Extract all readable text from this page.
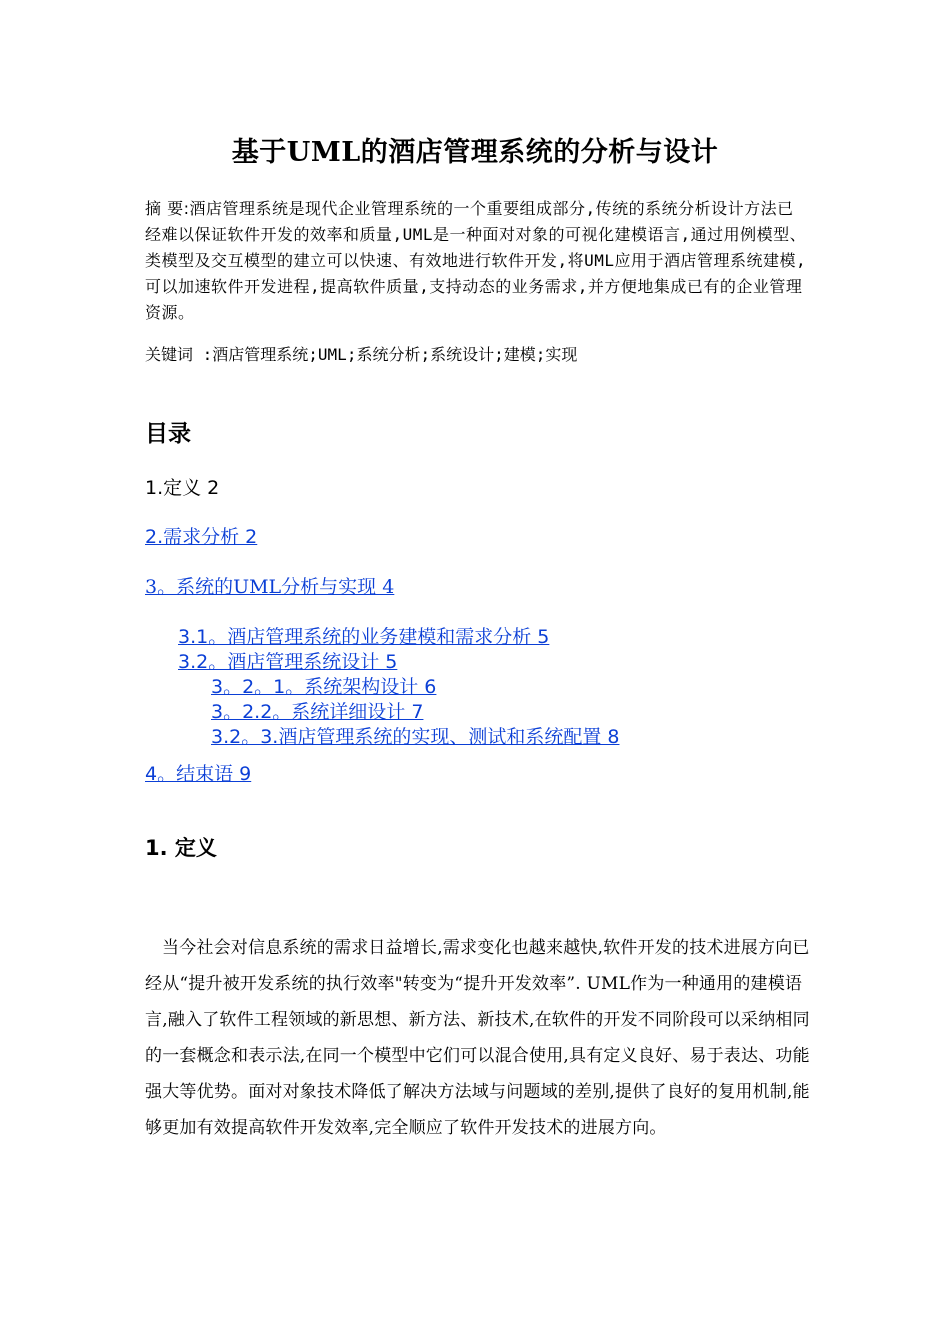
基于UML的酒店管理系统的分析与设计
摘 要:酒店管理系统是现代企业管理系统的一个重要组成部分,传统的系统分析设计方法已经难以保证软件开发的效率和质量,UML是一种面对对象的可视化建模语言,通过用例模型、类模型及交互模型的建立可以快速、有效地进行软件开发,将UML应用于酒店管理系统建模,可以加速软件开发进程,提高软件质量,支持动态的业务需求,并方便地集成已有的企业管理资源。
关键词 :酒店管理系统;UML;系统分析;系统设计;建模;实现
目录
1.定义 2
2.需求分析 2
3。系统的UML分析与实现 4
3.1。酒店管理系统的业务建模和需求分析 5
3.2。酒店管理系统设计 5
3。2。1。系统架构设计 6
3。2.2。系统详细设计 7
3.2。3.酒店管理系统的实现、测试和系统配置 8
4。结束语 9
1. 定义
当今社会对信息系统的需求日益增长,需求变化也越来越快,软件开发的技术进展方向已经从“提升被开发系统的执行效率"转变为“提升开发效率”. UML作为一种通用的建模语言,融入了软件工程领域的新思想、新方法、新技术,在软件的开发不同阶段可以采纳相同的一套概念和表示法,在同一个模型中它们可以混合使用,具有定义良好、易于表达、功能强大等优势。面对对象技术降低了解决方法域与问题域的差别,提供了良好的复用机制,能够更加有效提高软件开发效率,完全顺应了软件开发技术的进展方向。
